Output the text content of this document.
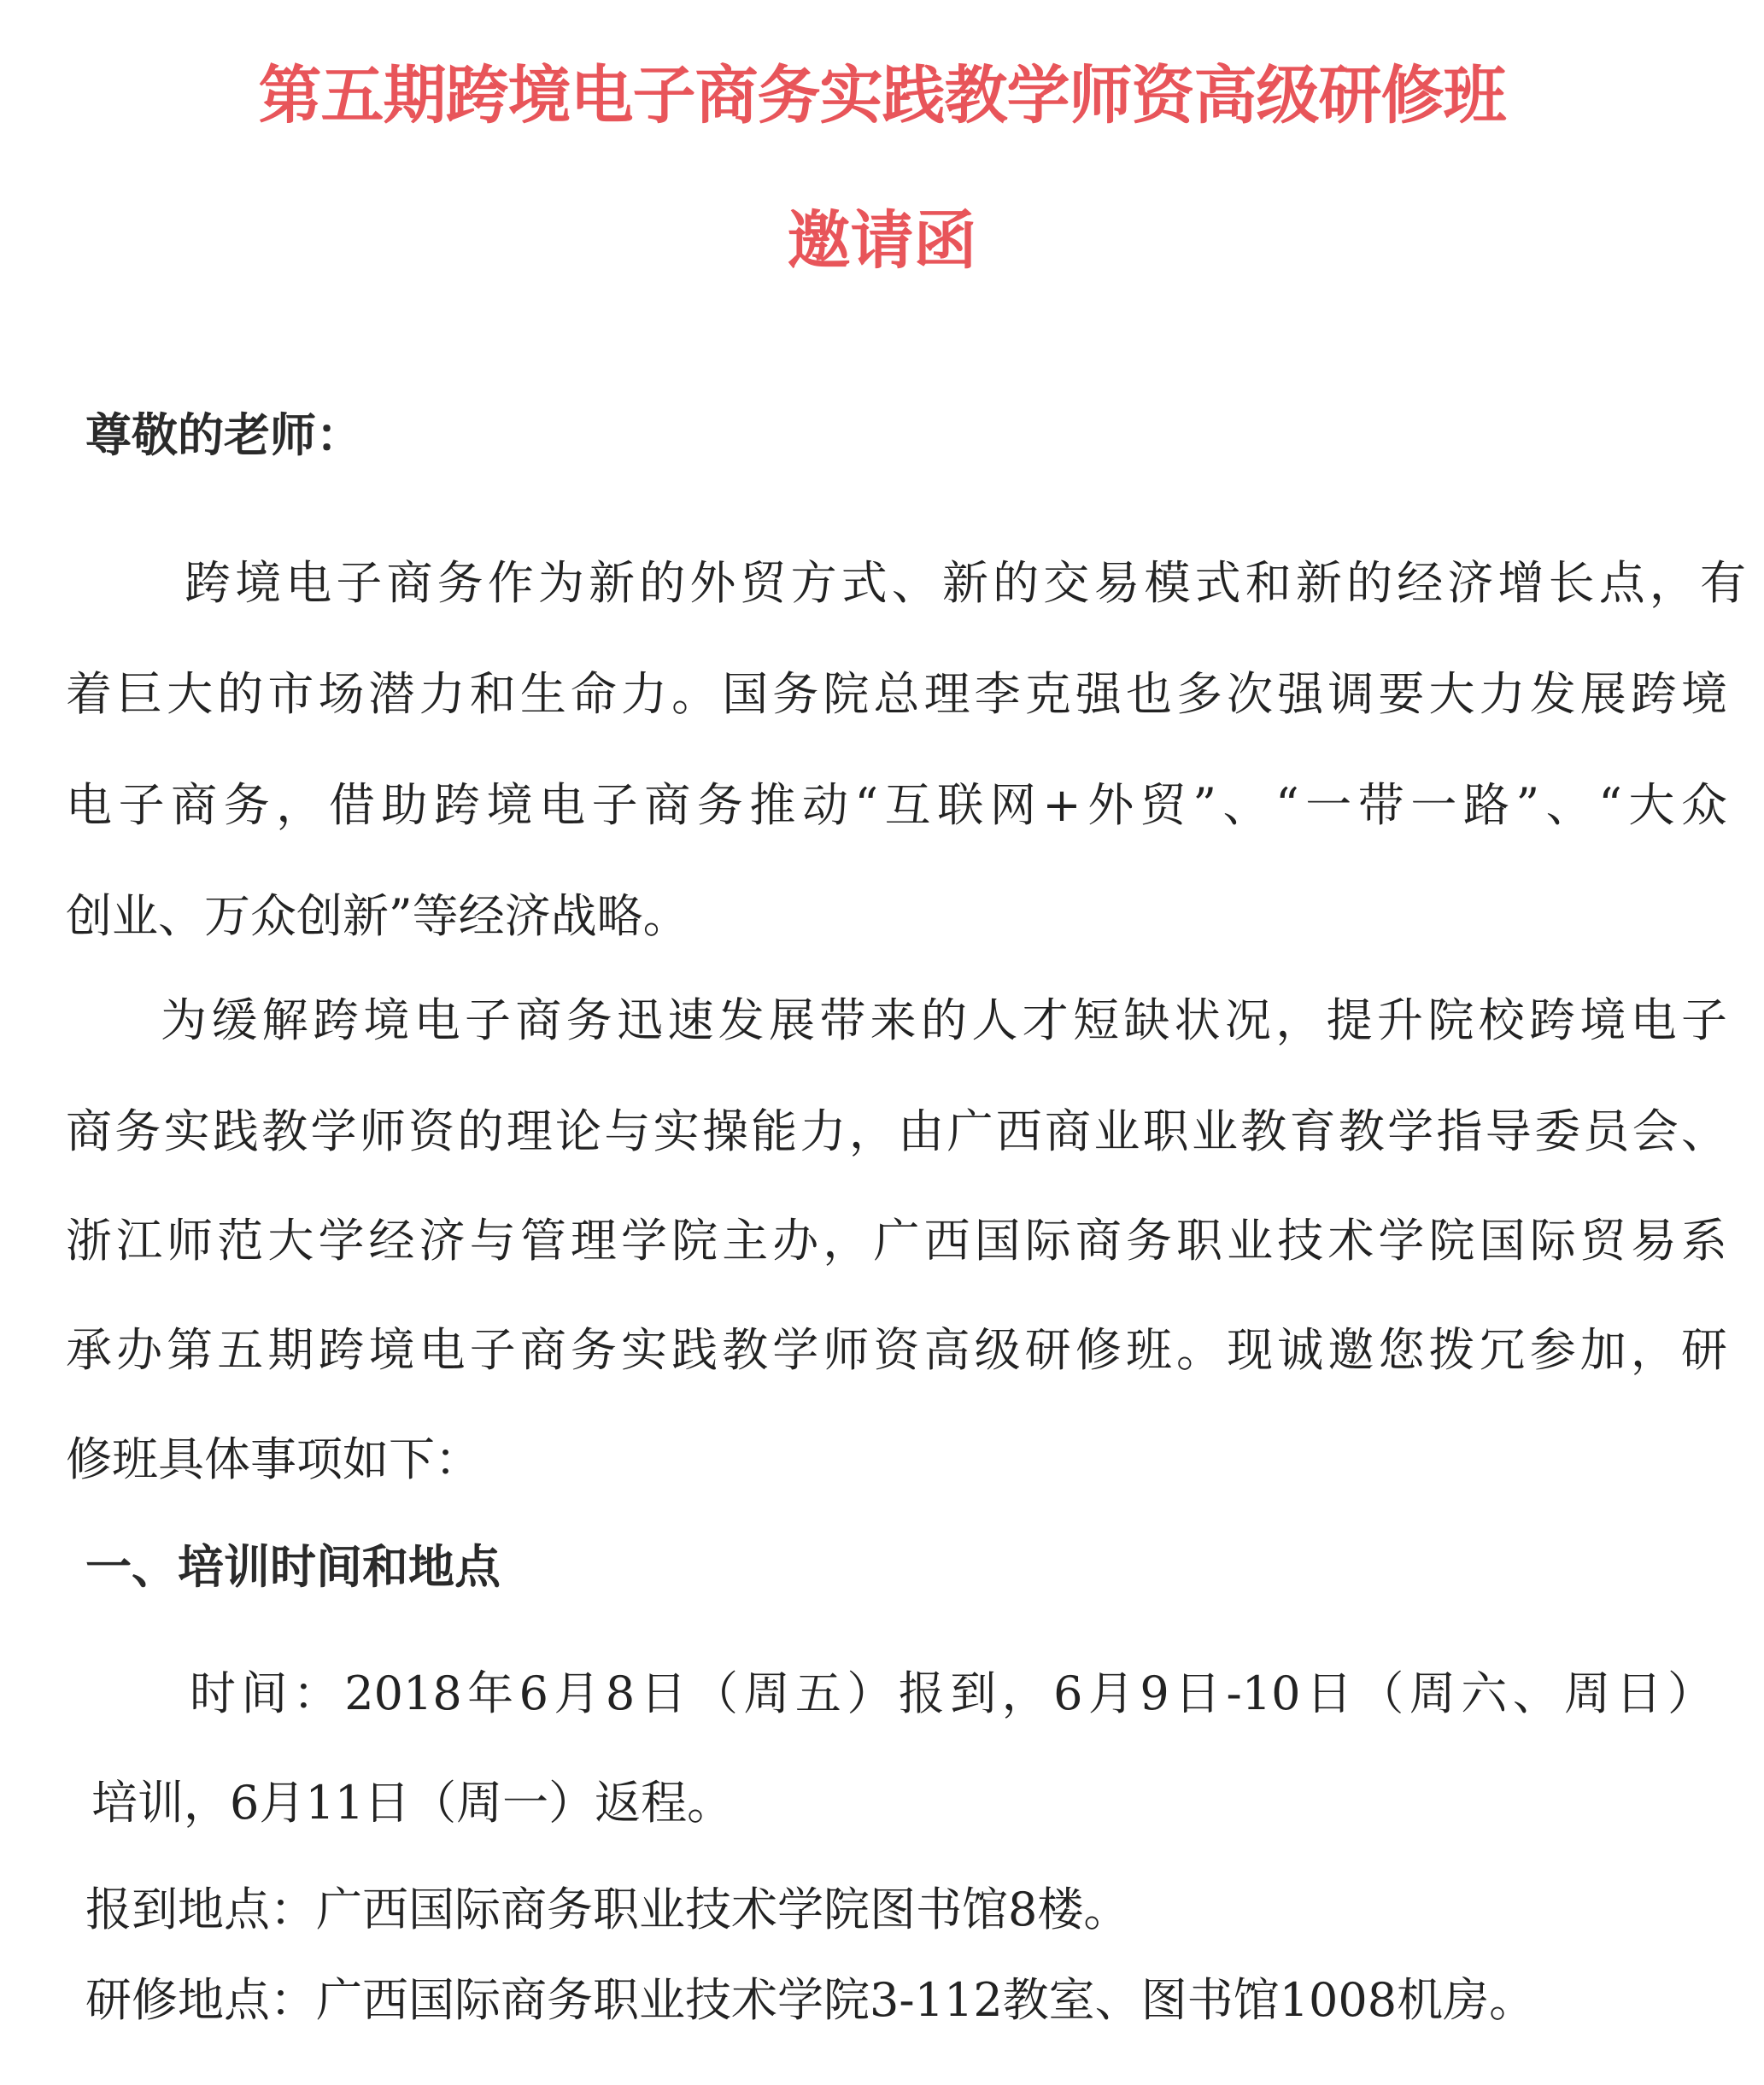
第五期跨境电子商务实践教学师资高级研修班
邀请函
尊敬的老师：
跨境电子商务作为新的外贸方式、新的交易模式和新的经济增长点，有
着巨大的市场潜力和生命力。国务院总理李克强也多次强调要大力发展跨境
电子商务，借助跨境电子商务推动“互联网+外贸”、“一带一路”、“大众
创业、万众创新”等经济战略。
为缓解跨境电子商务迅速发展带来的人才短缺状况，提升院校跨境电子
商务实践教学师资的理论与实操能力，由广西商业职业教育教学指导委员会、
浙江师范大学经济与管理学院主办，广西国际商务职业技术学院国际贸易系
承办第五期跨境电子商务实践教学师资高级研修班。现诚邀您拨冗参加，研
修班具体事项如下：
一、培训时间和地点
时间：2018年6月8日（周五）报到，6月9日-10日（周六、周日）
培训，6月11日（周一）返程。
报到地点：广西国际商务职业技术学院图书馆8楼。
研修地点：广西国际商务职业技术学院3-112教室、图书馆1008机房。
